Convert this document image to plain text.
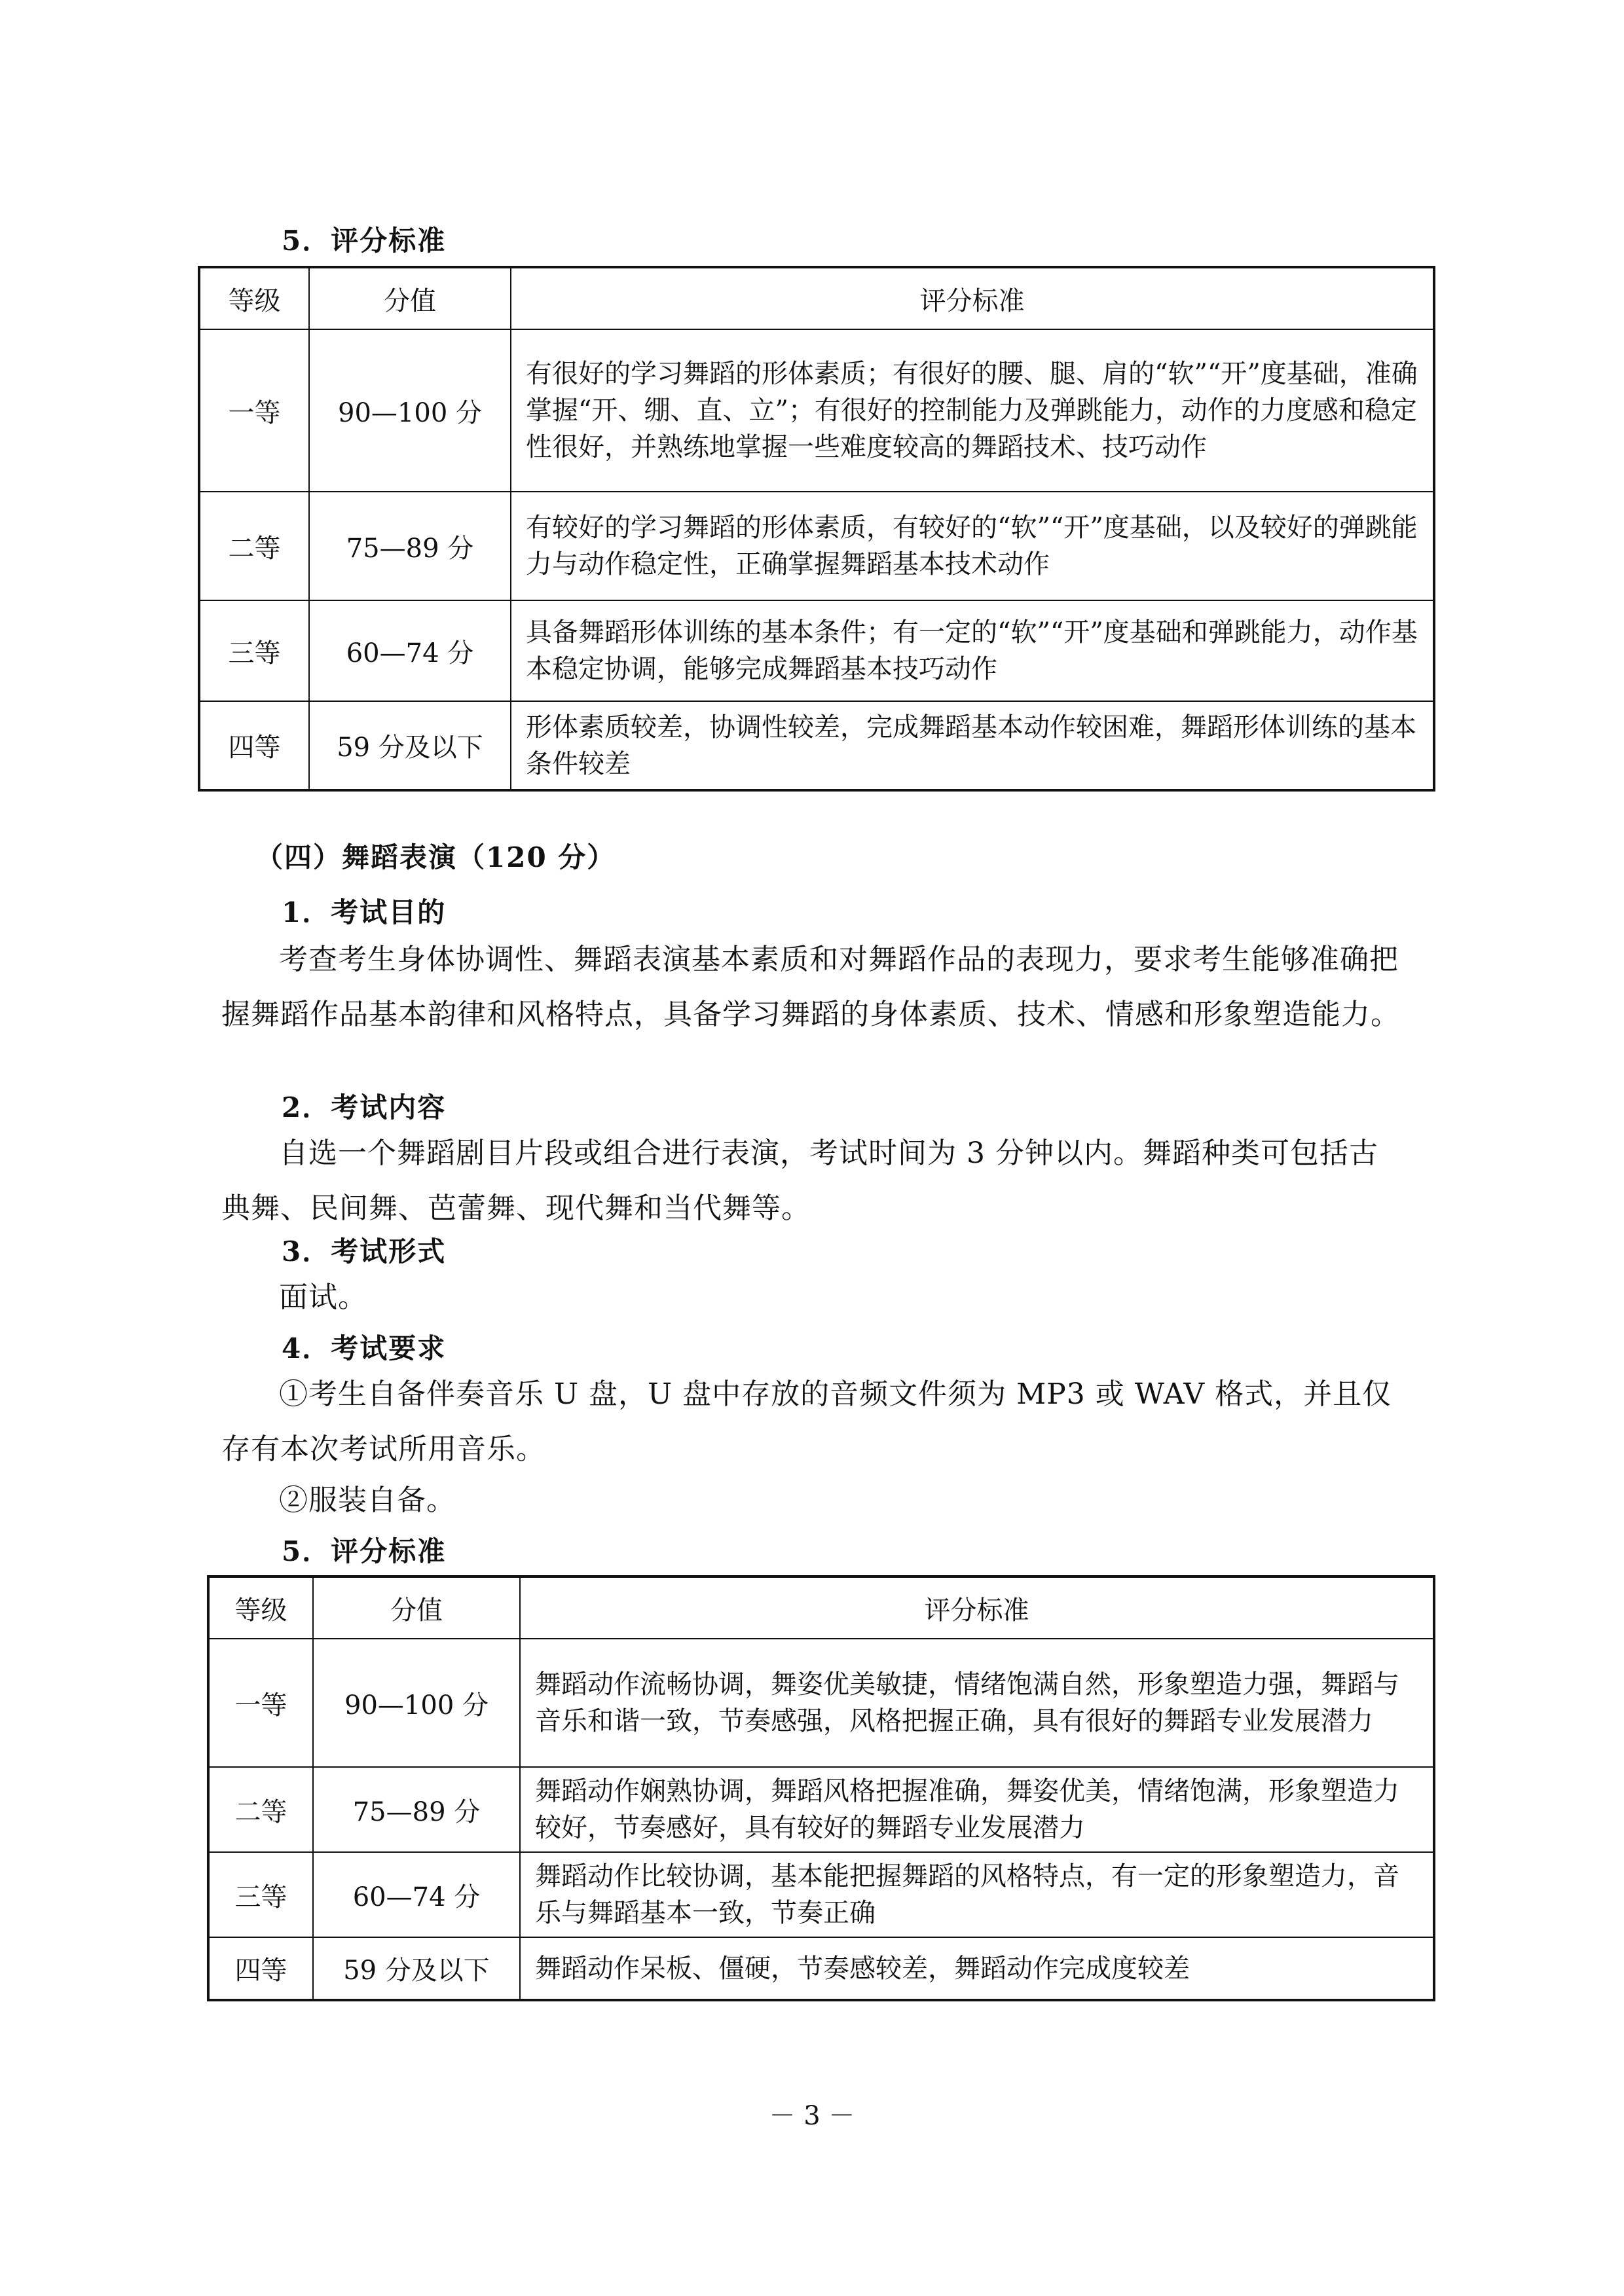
5．评分标准
等级	分值	评分标准
一等	90—100 分	有很好的学习舞蹈的形体素质；有很好的腰、腿、肩的“软”“开”度基础，准确掌握“开、绷、直、立”；有很好的控制能力及弹跳能力，动作的力度感和稳定性很好，并熟练地掌握一些难度较高的舞蹈技术、技巧动作
二等	75—89 分	有较好的学习舞蹈的形体素质，有较好的“软”“开”度基础，以及较好的弹跳能力与动作稳定性，正确掌握舞蹈基本技术动作
三等	60—74 分	具备舞蹈形体训练的基本条件；有一定的“软”“开”度基础和弹跳能力，动作基本稳定协调，能够完成舞蹈基本技巧动作
四等	59 分及以下	形体素质较差，协调性较差，完成舞蹈基本动作较困难，舞蹈形体训练的基本条件较差
（四）舞蹈表演（120 分）
1．考试目的
考查考生身体协调性、舞蹈表演基本素质和对舞蹈作品的表现力，要求考生能够准确把握舞蹈作品基本韵律和风格特点，具备学习舞蹈的身体素质、技术、情感和形象塑造能力。
2．考试内容
自选一个舞蹈剧目片段或组合进行表演，考试时间为 3 分钟以内。舞蹈种类可包括古典舞、民间舞、芭蕾舞、现代舞和当代舞等。
3．考试形式
面试。
4．考试要求
①考生自备伴奏音乐 U 盘，U 盘中存放的音频文件须为 MP3 或 WAV 格式，并且仅存有本次考试所用音乐。
②服装自备。
5．评分标准
等级	分值	评分标准
一等	90—100 分	舞蹈动作流畅协调，舞姿优美敏捷，情绪饱满自然，形象塑造力强，舞蹈与音乐和谐一致，节奏感强，风格把握正确，具有很好的舞蹈专业发展潜力
二等	75—89 分	舞蹈动作娴熟协调，舞蹈风格把握准确，舞姿优美，情绪饱满，形象塑造力较好，节奏感好，具有较好的舞蹈专业发展潜力
三等	60—74 分	舞蹈动作比较协调，基本能把握舞蹈的风格特点，有一定的形象塑造力，音乐与舞蹈基本一致，节奏正确
四等	59 分及以下	舞蹈动作呆板、僵硬，节奏感较差，舞蹈动作完成度较差
－ 3 －
